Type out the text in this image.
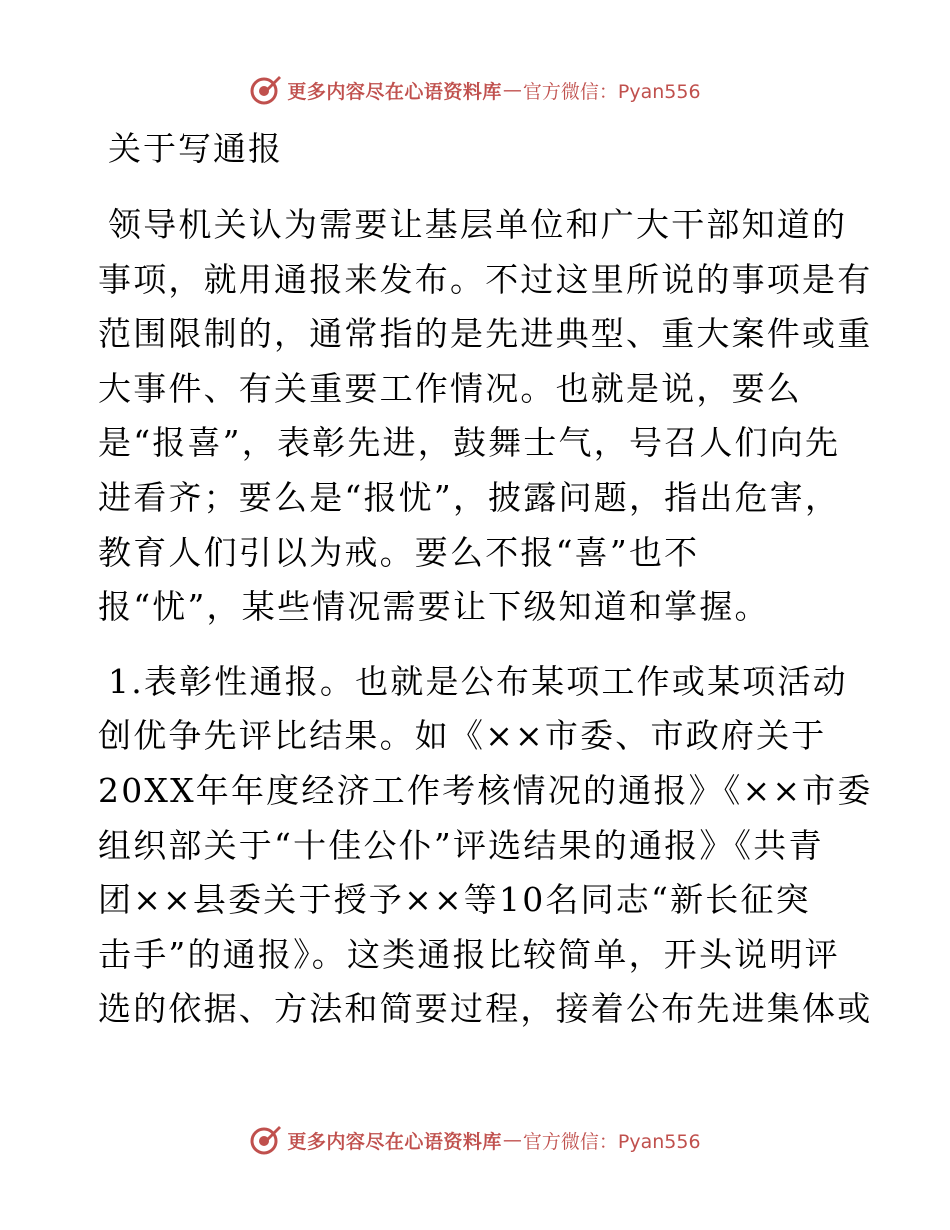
更多内容尽在心语资料库 — 官方微信：Pyan556
关于写通报
领导机关认为需要让基层单位和广大干部知道的
事项，就用通报来发布。不过这里所说的事项是有
范围限制的，通常指的是先进典型、重大案件或重
大事件、有关重要工作情况。也就是说，要么
是“报喜”，表彰先进，鼓舞士气，号召人们向先
进看齐；要么是“报忧”，披露问题，指出危害，
教育人们引以为戒。要么不报“喜”也不
报“忧”，某些情况需要让下级知道和掌握。
1.表彰性通报。也就是公布某项工作或某项活动
创优争先评比结果。如《××市委、市政府关于
20XX年年度经济工作考核情况的通报》《××市委
组织部关于“十佳公仆”评选结果的通报》《共青
团××县委关于授予××等10名同志“新长征突
击手”的通报》。这类通报比较简单，开头说明评
选的依据、方法和简要过程，接着公布先进集体或
更多内容尽在心语资料库 — 官方微信：Pyan556
